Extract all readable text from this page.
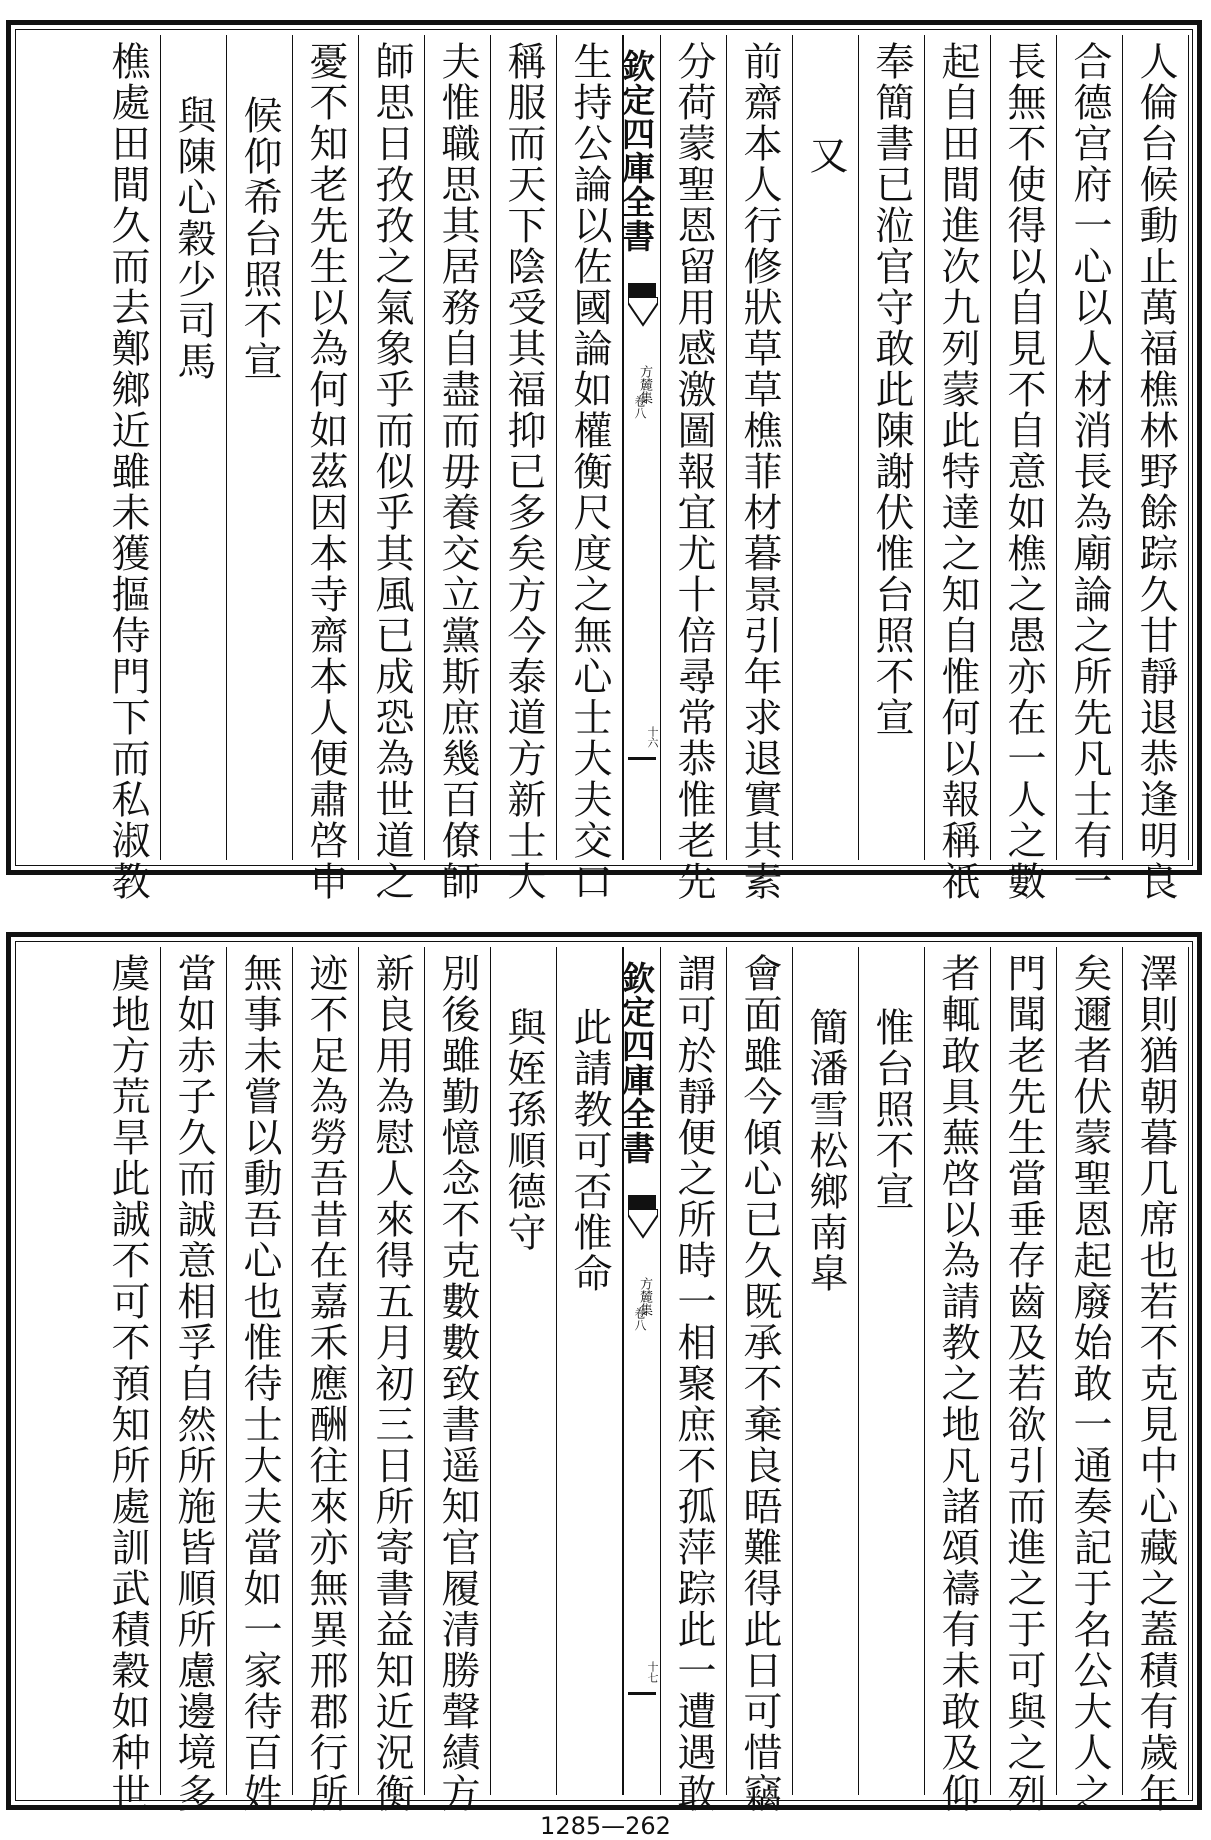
人倫台候動止萬福樵林野餘踪久甘靜退恭逢明良
合德宫府一心以人材消長為廟論之所先凡士有一
長無不使得以自見不自意如樵之愚亦在一人之數
起自田間進次九列蒙此特達之知自惟何以報稱祇
奉簡書已涖官守敢此陳謝伏惟台照不宣
又
前齋本人行修狀草草樵菲材暮景引年求退實其素
分荷蒙聖恩留用感激圖報宜尤十倍尋常恭惟老先
欽定四庫全書
方麓集
卷八
十六
生持公論以佐國論如權衡尺度之無心士大夫交口
稱服而天下陰受其福抑已多矣方今泰道方新士大
夫惟職思其居務自盡而毋養交立黨斯庶幾百僚師
師思日孜孜之氣象乎而似乎其風已成恐為世道之
憂不知老先生以為何如茲因本寺齋本人便肅啓申
候仰希台照不宣
與陳心穀少司馬
樵處田間久而去鄭鄉近雖未獲摳侍門下而私淑教
澤則猶朝暮几席也若不克見中心藏之蓋積有歲年
矣邇者伏蒙聖恩起廢始敢一通奏記于名公大人之
門聞老先生當垂存齒及若欲引而進之于可與之列
者輒敢具蕪啓以為請教之地凡諸頌禱有未敢及仰
惟台照不宣
簡潘雪松鄉南皐
會面雖今傾心已久既承不棄良晤難得此日可惜竊
謂可於靜便之所時一相聚庶不孤萍踪此一遭遇敢
欽定四庫全書
方麓集
卷八
十七
此請教可否惟命
與姪孫順德守
別後雖勤憶念不克數數致書遥知官履清勝聲績方
新良用為慰人來得五月初三日所寄書益知近況衡
迹不足為勞吾昔在嘉禾應酬往來亦無異邢郡行所
無事未嘗以動吾心也惟待士大夫當如一家待百姓
當如赤子久而誠意相孚自然所施皆順所慮邊境多
虞地方荒旱此誠不可不預知所處訓武積穀如种世
1285—262
